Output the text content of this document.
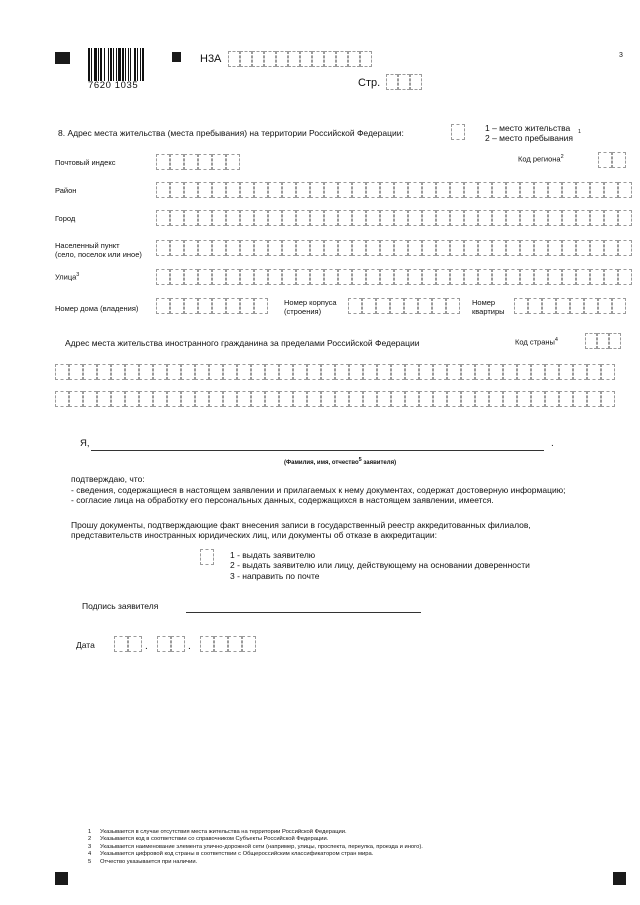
7620 1035
Н3А
Стр.
3
8. Адрес места жительства (места пребывания) на территории Российской Федерации:	1 – место жительства 1
2 – место пребывания
Почтовый индекс	Код региона$^2$
Район
Город
Населенный пункт
(село, поселок или иное)
Улица$^3$
Номер дома (владения)
Номер корпуса
(строения)
Номер
квартиры
Адрес места жительства иностранного гражданина за пределами Российской Федерации	Код страны$^4$
Я,	.
(Фамилия, имя, отчество5 заявителя)
подтверждаю, что:
- сведения, содержащиеся в настоящем заявлении и прилагаемых к нему документах, содержат достоверную информацию;
- согласие лица на обработку его персональных данных, содержащихся в настоящем заявлении, имеется.
Прошу документы, подтверждающие факт внесения записи в государственный реестр аккредитованных филиалов,
представительств иностранных юридических лиц, или документы об отказе в аккредитации:
1 - выдать заявителю
2 - выдать заявителю или лицу, действующему на основании доверенности
3 - направить по почте
Подпись заявителя
Дата	.	.
1 Указывается в случае отсутствия места жительства на территории Российской Федерации.
2 Указывается код в соответствии со справочником Субъекты Российской Федерации.
3 Указывается наименование элемента улично-дорожной сети (например, улицы, проспекта, переулка, проезда и иного).
4 Указывается цифровой код страны в соответствии с Общероссийским классификатором стран мира.
5 Отчество указывается при наличии.
